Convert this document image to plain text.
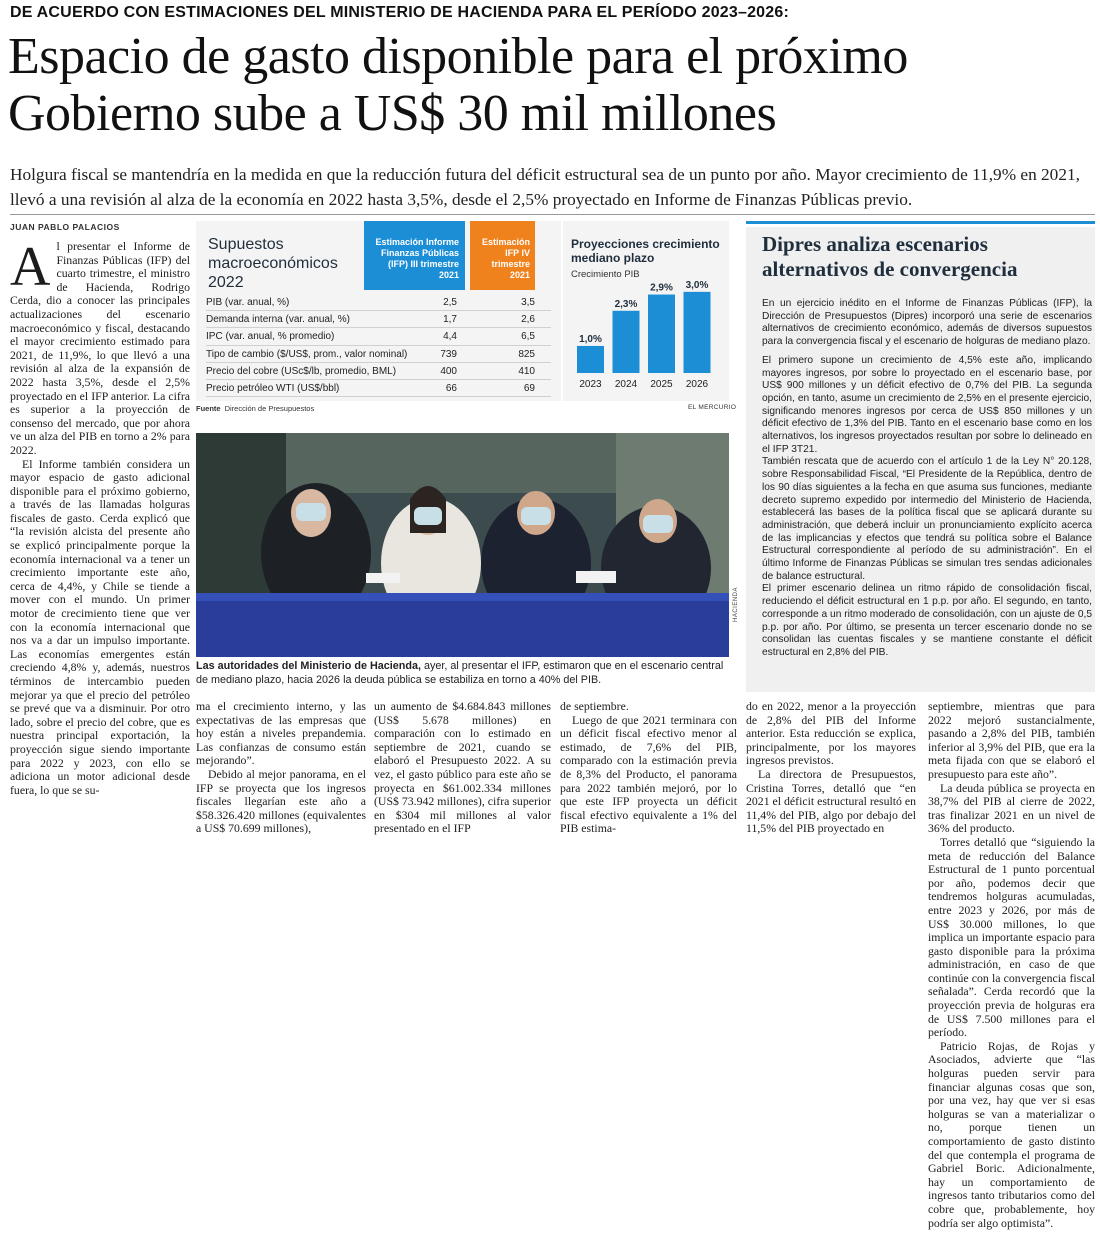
DE ACUERDO CON ESTIMACIONES DEL MINISTERIO DE HACIENDA PARA EL PERÍODO 2023–2026:
Espacio de gasto disponible para el próximo
Gobierno sube a US$ 30 mil millones
Holgura fiscal se mantendría en la medida en que la reducción futura del déficit estructural sea de un punto por año. Mayor crecimiento de 11,9% en 2021, llevó a una revisión al alza de la economía en 2022 hasta 3,5%, desde el 2,5% proyectado en Informe de Finanzas Públicas previo.
JUAN PABLO PALACIOS

Al presentar el Informe de Finanzas Públicas (IFP) del cuarto trimestre, el ministro de Hacienda, Rodrigo Cerda, dio a conocer las principales actualizaciones del escenario macroeconómico y fiscal, destacando el mayor crecimiento estimado para 2021, de 11,9%, lo que llevó a una revisión al alza de la expansión de 2022 hasta 3,5%, desde el 2,5% proyectado en el IFP anterior. La cifra es superior a la proyección de consenso del mercado, que por ahora ve un alza del PIB en torno a 2% para 2022.

El Informe también considera un mayor espacio de gasto adicional disponible para el próximo gobierno, a través de las llamadas holguras fiscales de gasto. Cerda explicó que “la revisión alcista del presente año se explicó principalmente porque la economía internacional va a tener un crecimiento importante este año, cerca de 4,4%, y Chile se tiende a mover con el mundo. Un primer motor de crecimiento tiene que ver con la economía internacional que nos va a dar un impulso importante. Las economías emergentes están creciendo 4,8% y, además, nuestros términos de intercambio pueden mejorar ya que el precio del petróleo se prevé que va a disminuir. Por otro lado, sobre el precio del cobre, que es nuestra principal exportación, la proyección sigue siendo importante para 2022 y 2023, con ello se adiciona un motor adicional desde fuera, lo que se su-

ma el crecimiento interno, y las expectativas de las empresas que hoy están a niveles prepandemia. Las confianzas de consumo están mejorando”.

Debido al mejor panorama, en el IFP se proyecta que los ingresos fiscales llegarían este año a $58.326.420 millones (equivalentes a US$ 70.699 millones),

un aumento de $4.684.843 millones (US$ 5.678 millones) en comparación con lo estimado en septiembre de 2021, cuando se elaboró el Presupuesto 2022. A su vez, el gasto público para este año se proyecta en $61.002.334 millones (US$ 73.942 millones), cifra superior en $304 mil millones al valor presentado en el IFP

de septiembre.

Luego de que 2021 terminara con un déficit fiscal efectivo menor al estimado, de 7,6% del PIB, comparado con la estimación previa de 8,3% del Producto, el panorama para 2022 también mejoró, por lo que este IFP proyecta un déficit fiscal efectivo equivalente a 1% del PIB estima-

do en 2022, menor a la proyección de 2,8% del PIB del Informe anterior. Esta reducción se explica, principalmente, por los mayores ingresos previstos.

La directora de Presupuestos, Cristina Torres, detalló que “en 2021 el déficit estructural resultó en 11,4% del PIB, algo por debajo del 11,5% del PIB proyectado en

septiembre, mientras que para 2022 mejoró sustancialmente, pasando a 2,8% del PIB, también inferior al 3,9% del PIB, que era la meta fijada con que se elaboró el presupuesto para este año”.

La deuda pública se proyecta en 38,7% del PIB al cierre de 2022, tras finalizar 2021 en un nivel de 36% del producto.

Torres detalló que “siguiendo la meta de reducción del Balance Estructural de 1 punto porcentual por año, podemos decir que tendremos holguras acumuladas, entre 2023 y 2026, por más de US$ 30.000 millones, lo que implica un importante espacio para gasto disponible para la próxima administración, en caso de que continúe con la convergencia fiscal señalada”. Cerda recordó que la proyección previa de holguras era de US$ 7.500 millones para el período.

Patricio Rojas, de Rojas y Asociados, advierte que “las holguras pueden servir para financiar algunas cosas que son, por una vez, hay que ver si esas holguras se van a materializar o no, porque tienen un comportamiento de gasto distinto del que contempla el programa de Gabriel Boric. Adicionalmente, hay un comportamiento de ingresos tanto tributarios como del cobre que, probablemente, hoy podría ser algo optimista”.

Supuestos macroeconómicos 2022
Estimación Informe Finanzas Públicas (IFP) III trimestre 2021
Estimación IFP IV trimestre 2021
PIB (var. anual, %)	2,5	3,5
Demanda interna (var. anual, %)	1,7	2,6
IPC (var. anual, % promedio)	4,4	6,5
Tipo de cambio ($/US$, prom., valor nominal)	739	825
Precio del cobre (USc$/lb, promedio, BML)	400	410
Precio petróleo WTI (US$/bbl)	66	69
Proyecciones crecimiento mediano plazo
Crecimiento PIB
1,0%
2023
2,3%
2024
2,9%
2025
3,0%
2026
Fuente Dirección de Presupuestos	EL MERCURIO
HACIENDA
Las autoridades del Ministerio de Hacienda, ayer, al presentar el IFP, estimaron que en el escenario central de mediano plazo, hacia 2026 la deuda pública se estabiliza en torno a 40% del PIB.
Dipres analiza escenarios alternativos de convergencia

En un ejercicio inédito en el Informe de Finanzas Públicas (IFP), la Dirección de Presupuestos (Dipres) incorporó una serie de escenarios alternativos de crecimiento económico, además de diversos supuestos para la convergencia fiscal y el escenario de holguras de mediano plazo.

El primero supone un crecimiento de 4,5% este año, implicando mayores ingresos, por sobre lo proyectado en el escenario base, por US$ 900 millones y un déficit efectivo de 0,7% del PIB. La segunda opción, en tanto, asume un crecimiento de 2,5% en el presente ejercicio, significando menores ingresos por cerca de US$ 850 millones y un déficit efectivo de 1,3% del PIB. Tanto en el escenario base como en los alternativos, los ingresos proyectados resultan por sobre lo delineado en el IFP 3T21.

También rescata que de acuerdo con el artículo 1 de la Ley N° 20.128, sobre Responsabilidad Fiscal, “El Presidente de la República, dentro de los 90 días siguientes a la fecha en que asuma sus funciones, mediante decreto supremo expedido por intermedio del Ministerio de Hacienda, establecerá las bases de la política fiscal que se aplicará durante su administración, que deberá incluir un pronunciamiento explícito acerca de las implicancias y efectos que tendrá su política sobre el Balance Estructural correspondiente al período de su administración”. En el último Informe de Finanzas Públicas se simulan tres sendas adicionales de balance estructural.

El primer escenario delinea un ritmo rápido de consolidación fiscal, reduciendo el déficit estructural en 1 p.p. por año. El segundo, en tanto, corresponde a un ritmo moderado de consolidación, con un ajuste de 0,5 p.p. por año. Por último, se presenta un tercer escenario donde no se consolidan las cuentas fiscales y se mantiene constante el déficit estructural en 2,8% del PIB.
